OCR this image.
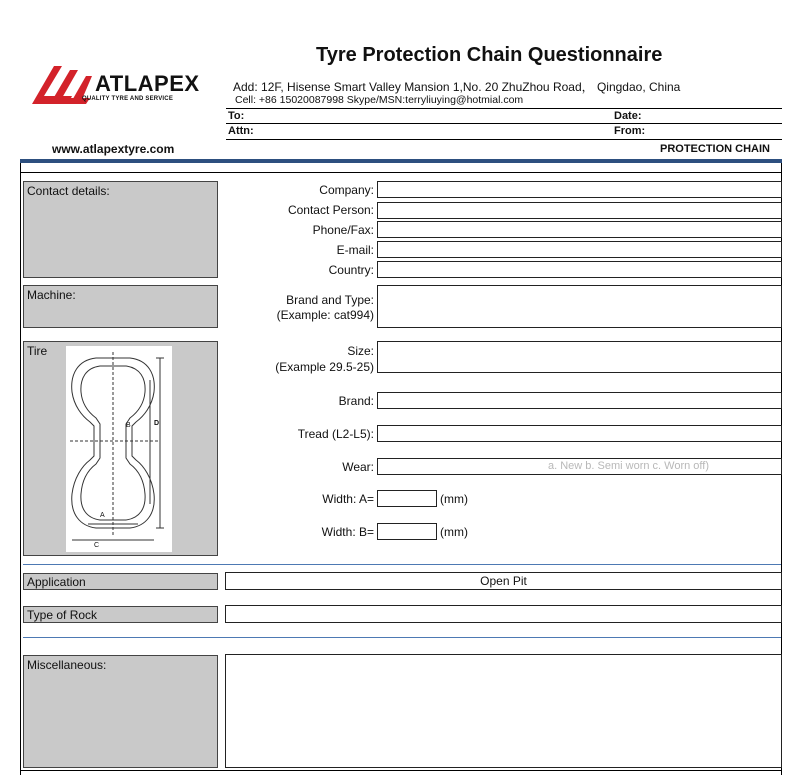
Tyre Protection Chain Questionnaire
ATLAPEX
QUALITY TYRE AND SERVICE
Add: 12F, Hisense Smart Valley Mansion 1,No. 20 ZhuZhou Road， Qingdao, China
Cell: +86 15020087998 Skype/MSN:terryliuying@hotmial.com
To:	Date:
Attn:	From:
www.atlapextyre.com	PROTECTION CHAIN
Contact details:	Company:
Contact Person:
Phone/Fax:
E-mail:
Country:
Machine:	Brand and Type:
(Example: cat994)
Tire
B	D
A
C
Size:
(Example 29.5-25)
Brand:
Tread (L2-L5):
Wear:	a. New b. Semi worn c. Worn off)
Width: A=	(mm)
Width: B=	(mm)
Application	Open Pit
Type of Rock
Miscellaneous:
